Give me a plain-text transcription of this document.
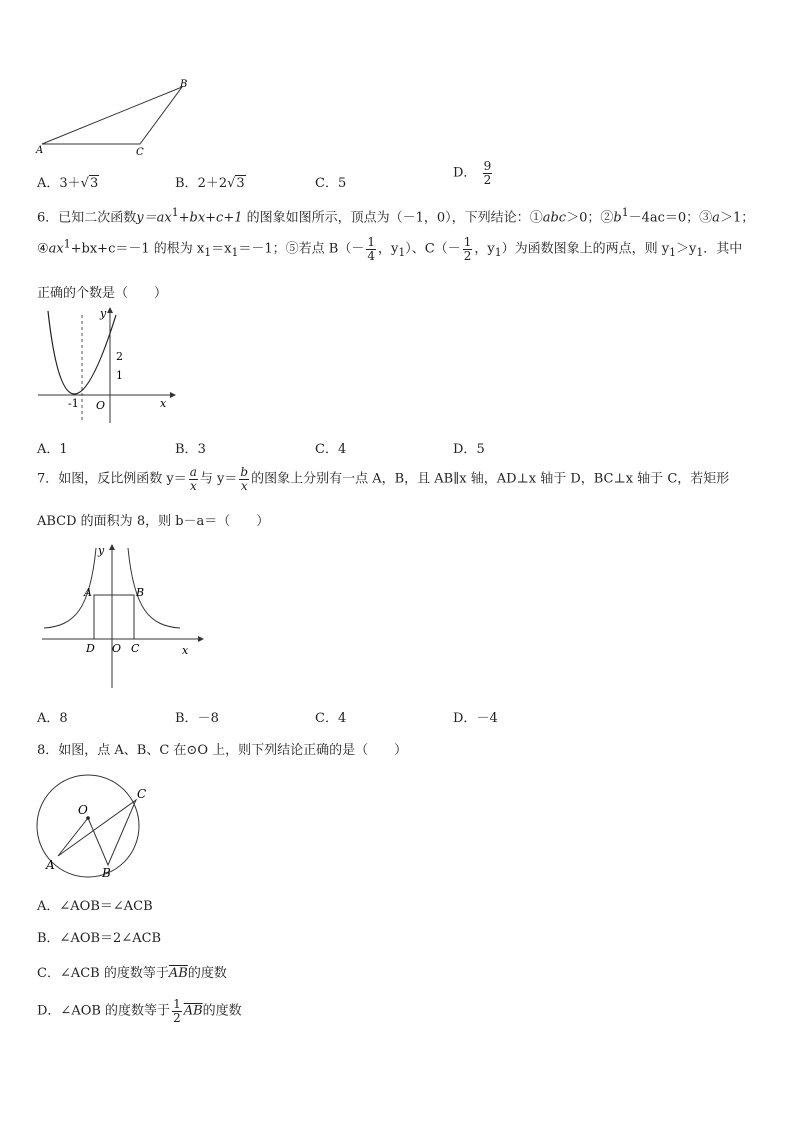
A
B
C
A．3＋√3	B．2＋2√3	C．5
D． $\frac{9}{2}$
6．已知二次函数$y=ax^1+bx+c+1$ 的图象如图所示，顶点为（－1，0），下列结论：①abc＞0；$②b^1-4ac=0$；③a＞1；
$④ax^1+bx+c=-1$ 的根为 $x_1=x_1=-1$；⑤若点 $B(- \frac{1}{4}$ ，$y_1$）、$C(- \frac{1}{2}$ ，$y_1$）为函数图象上的两点，则 $y_1>y_1$．其中
正确的个数是（　　）
y
x
O
-1
1
2
A．1	B．3	C．4	D．5
7．如图，反比例函数 $y= \frac{a}{x}$ 与 $y= \frac{b}{x}$ 的图象上分别有一点 A，B，且 AB∥x 轴，AD⊥x 轴于 D，BC⊥x 轴于 C，若矩形
ABCD 的面积为 8，则 b－a＝（　　）
y
x
A	B
D O C
A．8	B．－8	C．4	D．－4
8．如图，点 A、B、C 在⊙O 上，则下列结论正确的是（　　）
O
A
B
C
A．∠AOB＝∠ACB
B．∠AOB＝2∠ACB
C．∠ACB 的度数等于$\overline{AB}$的度数
D．∠AOB 的度数等于 $\frac{1}{2} \overline{AB}$的度数
